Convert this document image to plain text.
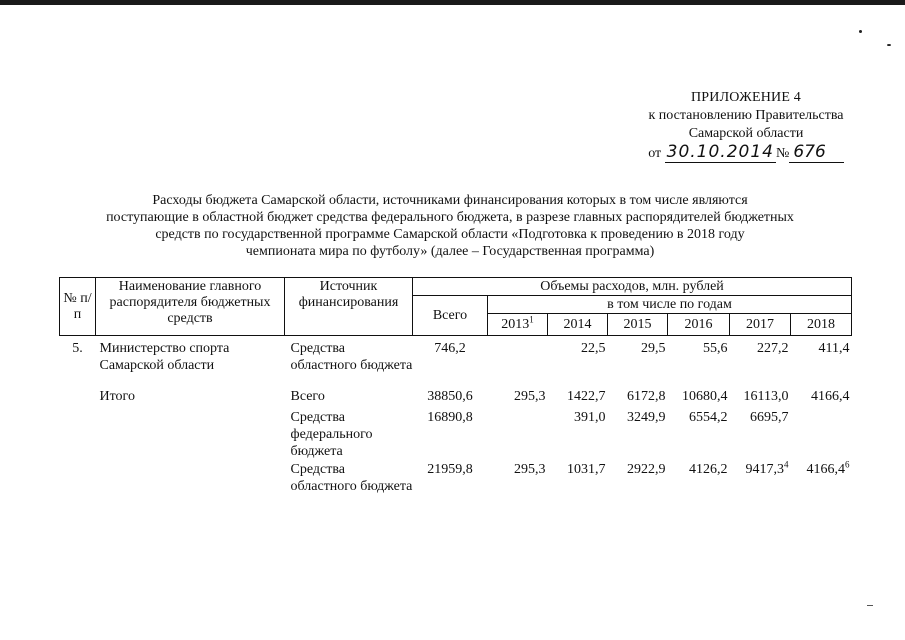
ПРИЛОЖЕНИЕ 4
к постановлению Правительства
Самарской области
от 30.10.2014 № 676
Расходы бюджета Самарской области, источниками финансирования которых в том числе являются
поступающие в областной бюджет средства федерального бюджета, в разрезе главных распорядителей бюджетных
средств по государственной программе Самарской области «Подготовка к проведению в 2018 году
чемпионата мира по футболу» (далее – Государственная программа)
№ п/п	Наименование главного распорядителя бюджетных средств	Источник финансирования	Объемы расходов, млн. рублей						
			Всего	в том числе по годам					
				2013$^1$	2014	2015	2016	2017	2018
5.	Министерство спорта Самарской области	Средства областного бюджета	746,2		22,5	29,5	55,6	227,2	411,4
	Итого	Всего	38850,6	295,3	1422,7	6172,8	10680,4	16113,0	4166,4
		Средства федерального бюджета	16890,8		391,0	3249,9	6554,2	6695,7	
		Средства областного бюджета	21959,8	295,3	1031,7	2922,9	4126,2	9417,3$^4$	4166,4$^6$
